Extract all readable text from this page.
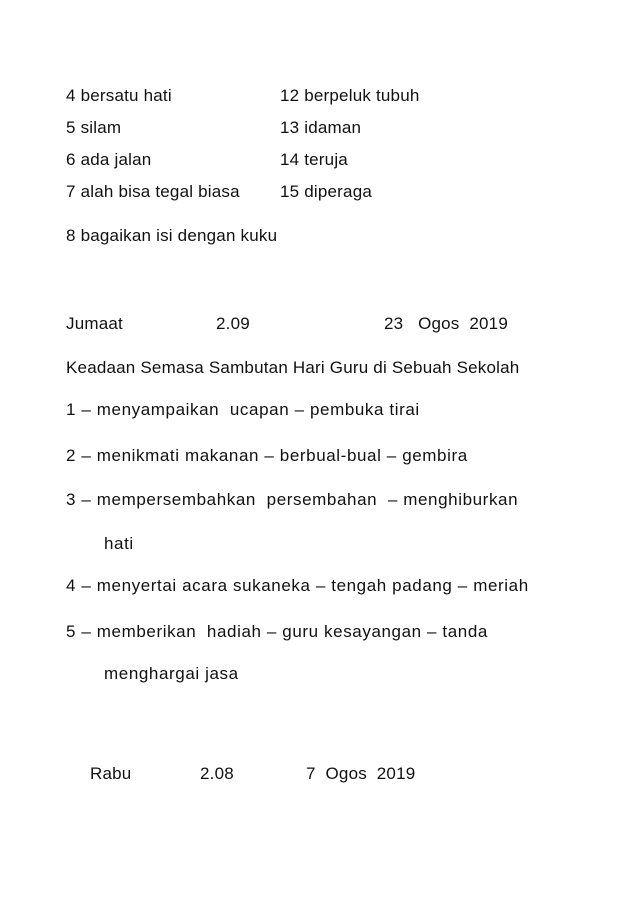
4 bersatu hati	12 berpeluk tubuh
5 silam	13 idaman
6 ada jalan	14 teruja
7 alah bisa tegal biasa 15 diperaga
8 bagaikan isi dengan kuku
Jumaat	2.09	23   Ogos  2019
Keadaan Semasa Sambutan Hari Guru di Sebuah Sekolah
1 – menyampaikan  ucapan – pembuka tirai
2 – menikmati makanan – berbual-bual – gembira
3 – mempersembahkan  persembahan  – menghiburkan
hati
4 – menyertai acara sukaneka – tengah padang – meriah
5 – memberikan  hadiah – guru kesayangan – tanda
menghargai jasa
Rabu	2.08	7  Ogos  2019
